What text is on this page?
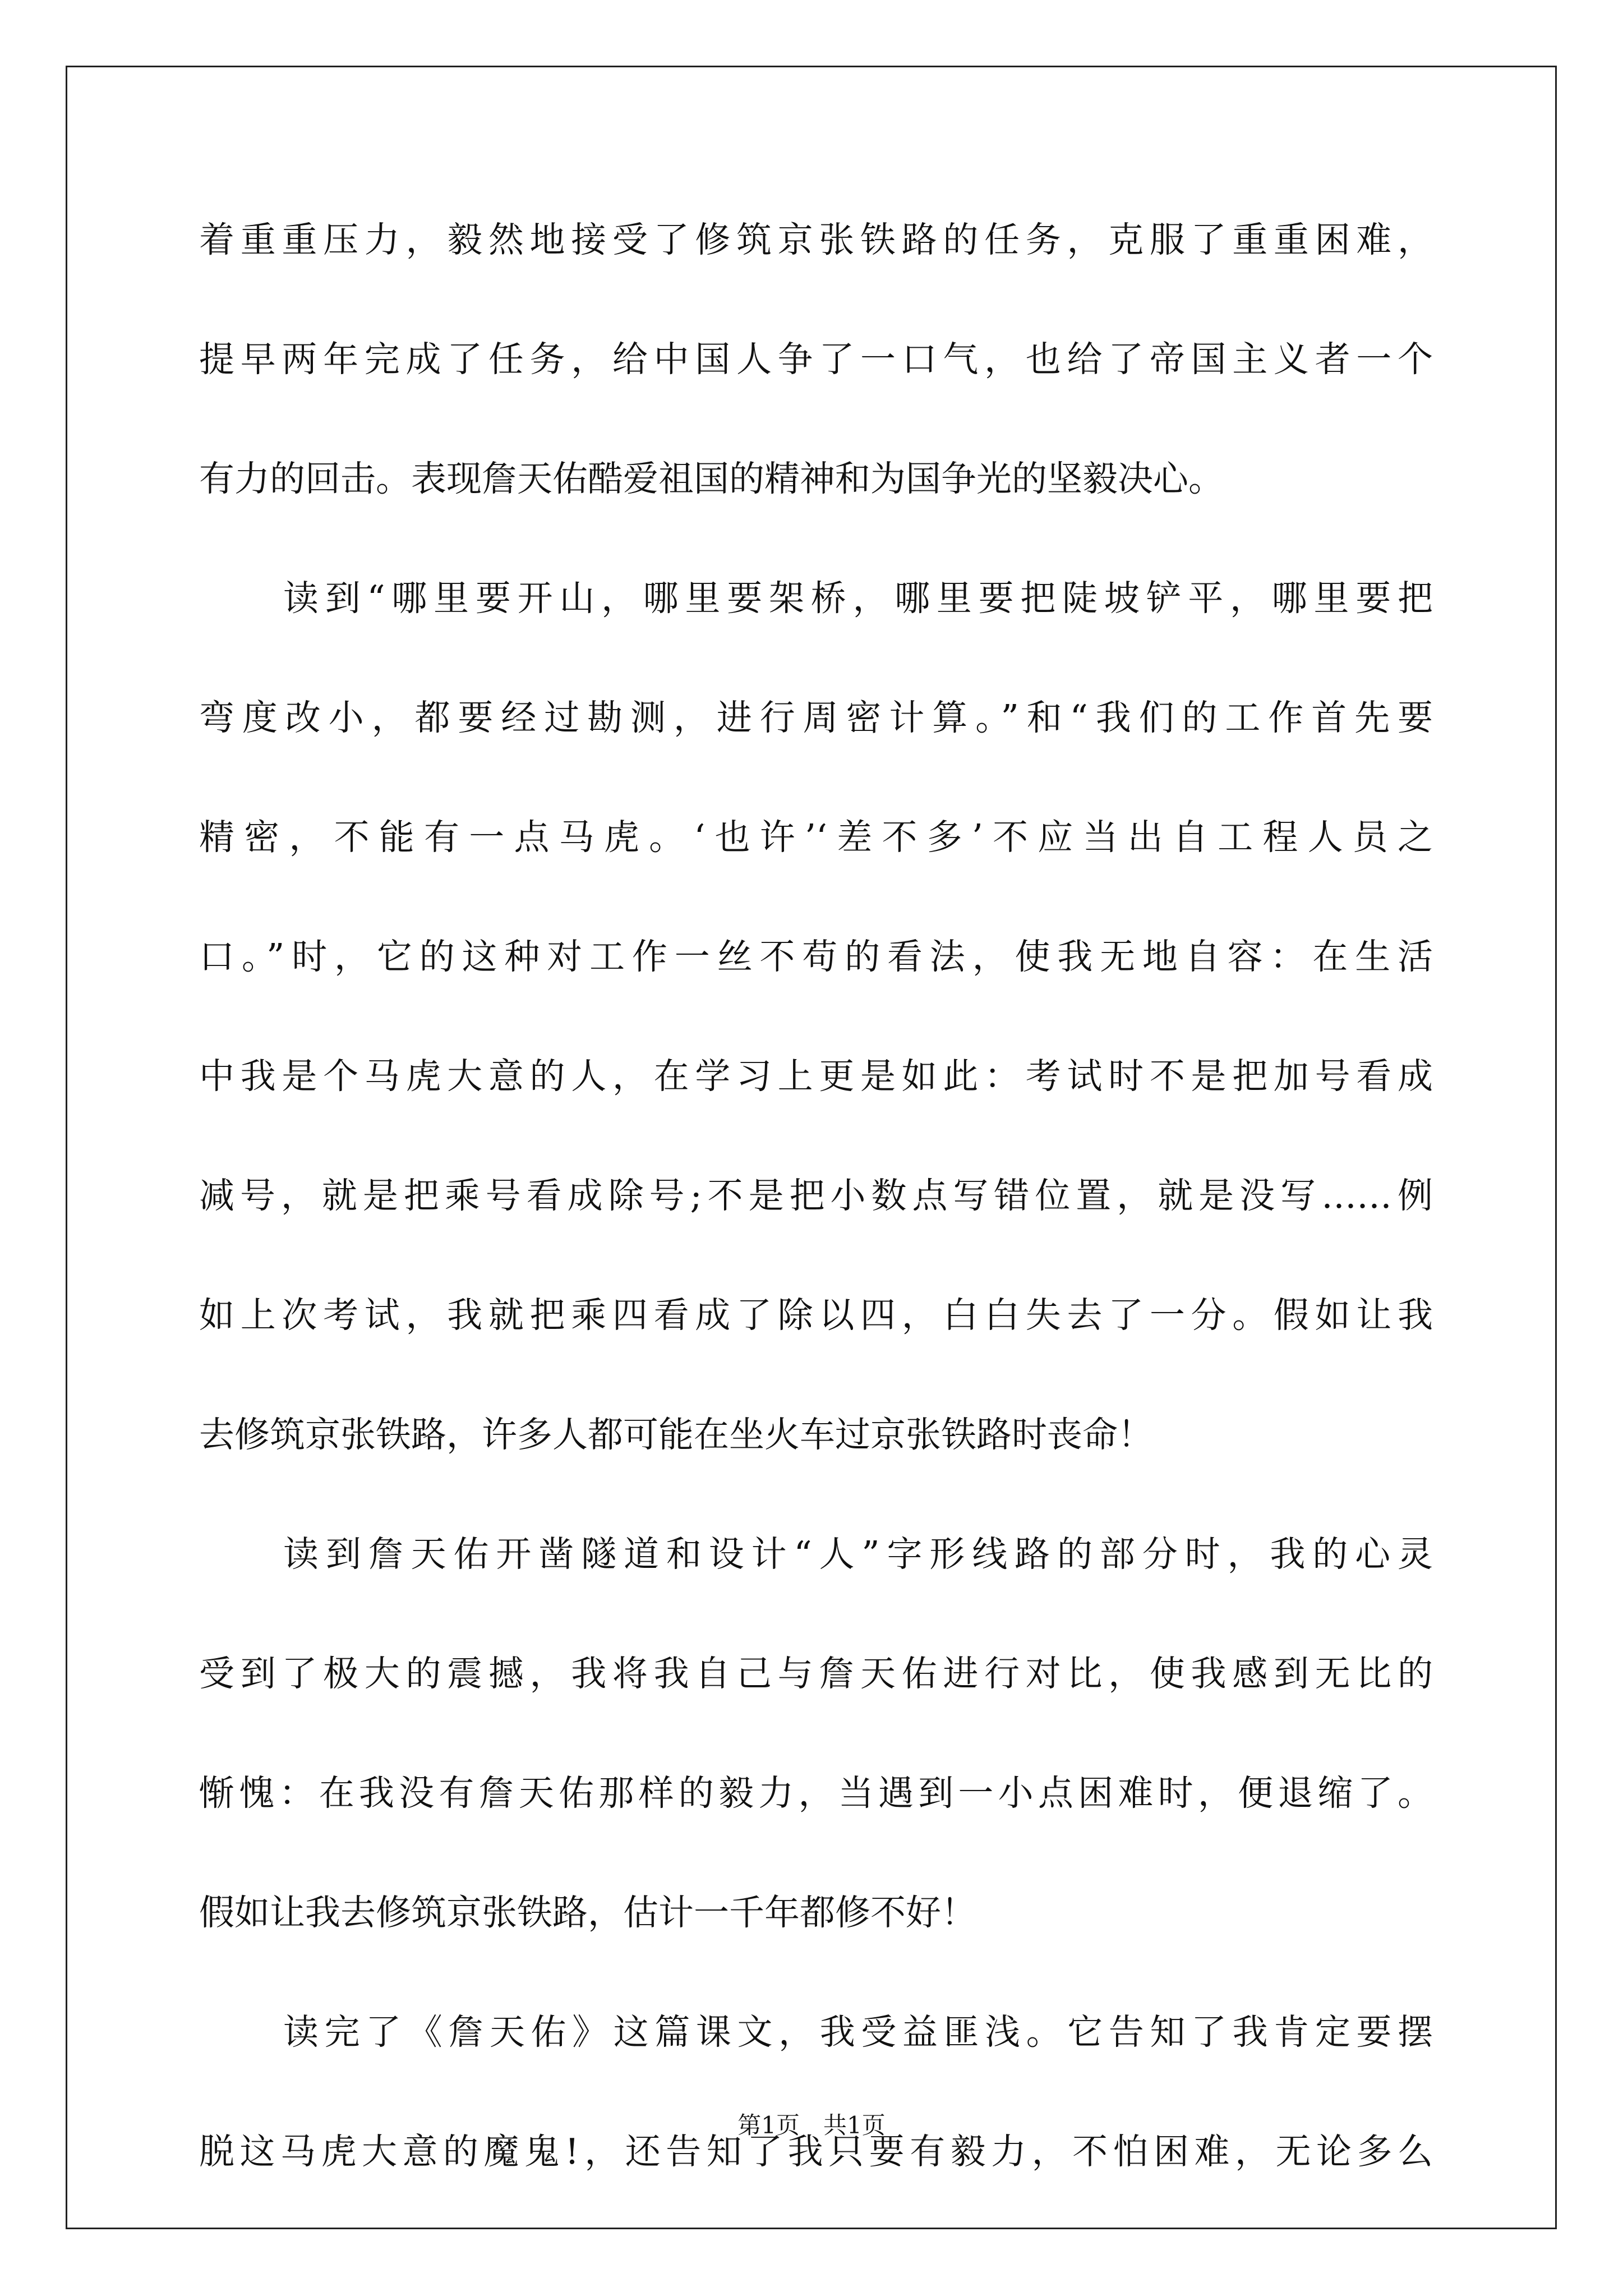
着重重压力，毅然地接受了修筑京张铁路的任务，克服了重重困难，
提早两年完成了任务，给中国人争了一口气，也给了帝国主义者一个
有力的回击。表现詹天佑酷爱祖国的精神和为国争光的坚毅决心。
读到“哪里要开山，哪里要架桥，哪里要把陡坡铲平，哪里要把
弯度改小，都要经过勘测，进行周密计算。”和“我们的工作首先要
精密，不能有一点马虎。‘也许’‘差不多’不应当出自工程人员之
口。”时，它的这种对工作一丝不苟的看法，使我无地自容：在生活
中我是个马虎大意的人，在学习上更是如此：考试时不是把加号看成
减号，就是把乘号看成除号;不是把小数点写错位置，就是没写……例
如上次考试，我就把乘四看成了除以四，白白失去了一分。假如让我
去修筑京张铁路，许多人都可能在坐火车过京张铁路时丧命！
读到詹天佑开凿隧道和设计“人”字形线路的部分时，我的心灵
受到了极大的震撼，我将我自己与詹天佑进行对比，使我感到无比的
惭愧：在我没有詹天佑那样的毅力，当遇到一小点困难时，便退缩了。
假如让我去修筑京张铁路，估计一千年都修不好！
读完了《詹天佑》这篇课文，我受益匪浅。它告知了我肯定要摆
脱这马虎大意的魔鬼!，还告知了我只要有毅力，不怕困难，无论多么
第1页　共1页
